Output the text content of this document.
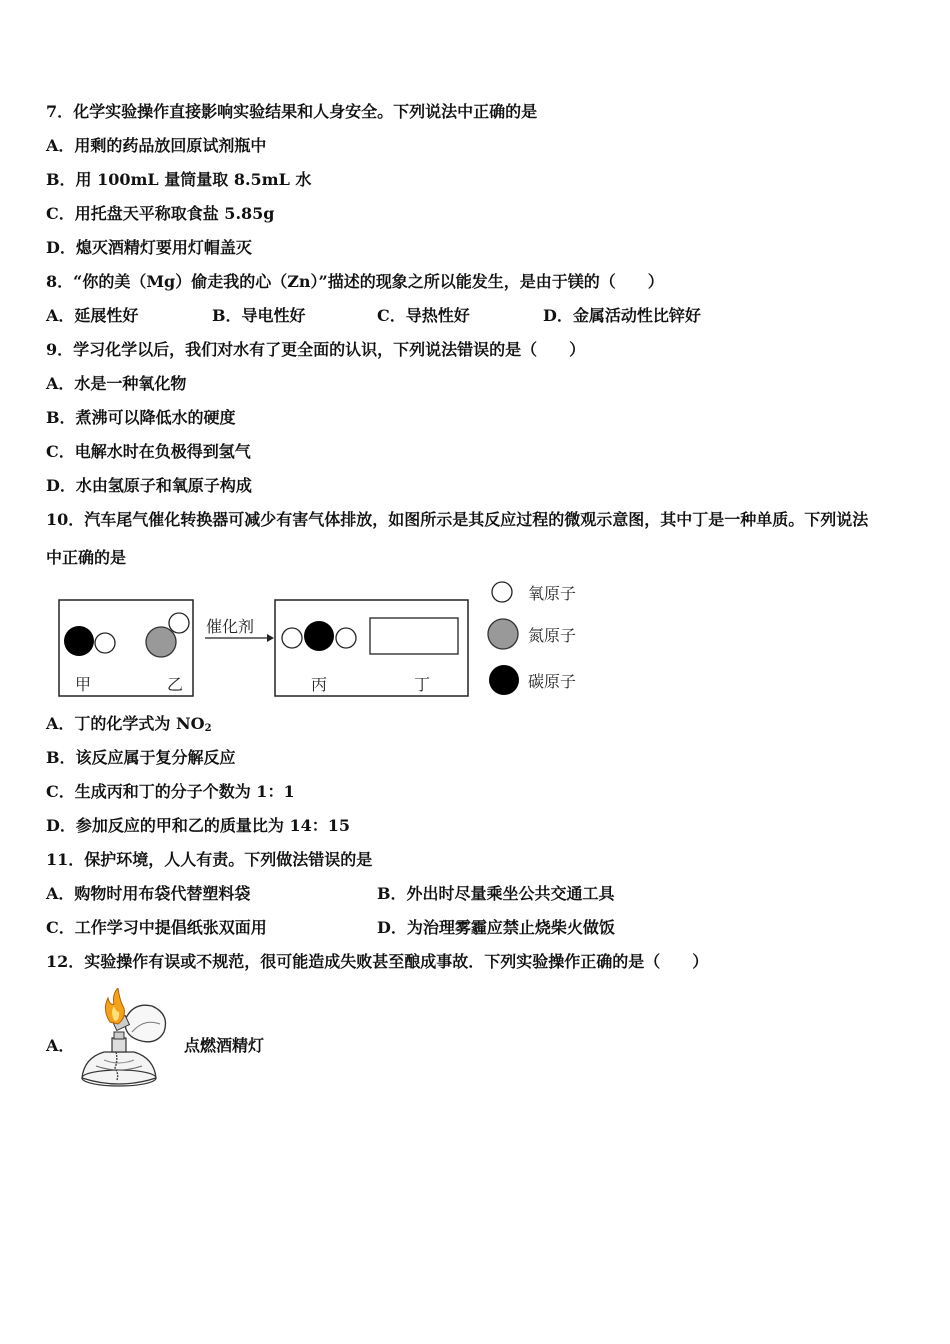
7．化学实验操作直接影响实验结果和人身安全。下列说法中正确的是
A．用剩的药品放回原试剂瓶中
B．用 100mL 量筒量取 8.5mL 水
C．用托盘天平称取食盐 5.85g
D．熄灭酒精灯要用灯帽盖灭
8．“你的美（Mg）偷走我的心（Zn）”描述的现象之所以能发生，是由于镁的（　　）
A．延展性好	B．导电性好	C．导热性好	D．金属活动性比锌好
9．学习化学以后，我们对水有了更全面的认识，下列说法错误的是（　　）
A．水是一种氧化物
B．煮沸可以降低水的硬度
C．电解水时在负极得到氢气
D．水由氢原子和氧原子构成
10．汽车尾气催化转换器可减少有害气体排放，如图所示是其反应过程的微观示意图，其中丁是一种单质。下列说法
中正确的是
甲	乙
催化剂
丙	丁
氧原子
氮原子
碳原子
A．丁的化学式为 $NO_2$
B．该反应属于复分解反应
C．生成丙和丁的分子个数为 1：1
D．参加反应的甲和乙的质量比为 14：15
11．保护环境，人人有责。下列做法错误的是
A．购物时用布袋代替塑料袋	B．外出时尽量乘坐公共交通工具
C．工作学习中提倡纸张双面用	D．为治理雾霾应禁止烧柴火做饭
12．实验操作有误或不规范，很可能造成失败甚至酿成事故．下列实验操作正确的是（　　）
A．	点燃酒精灯
